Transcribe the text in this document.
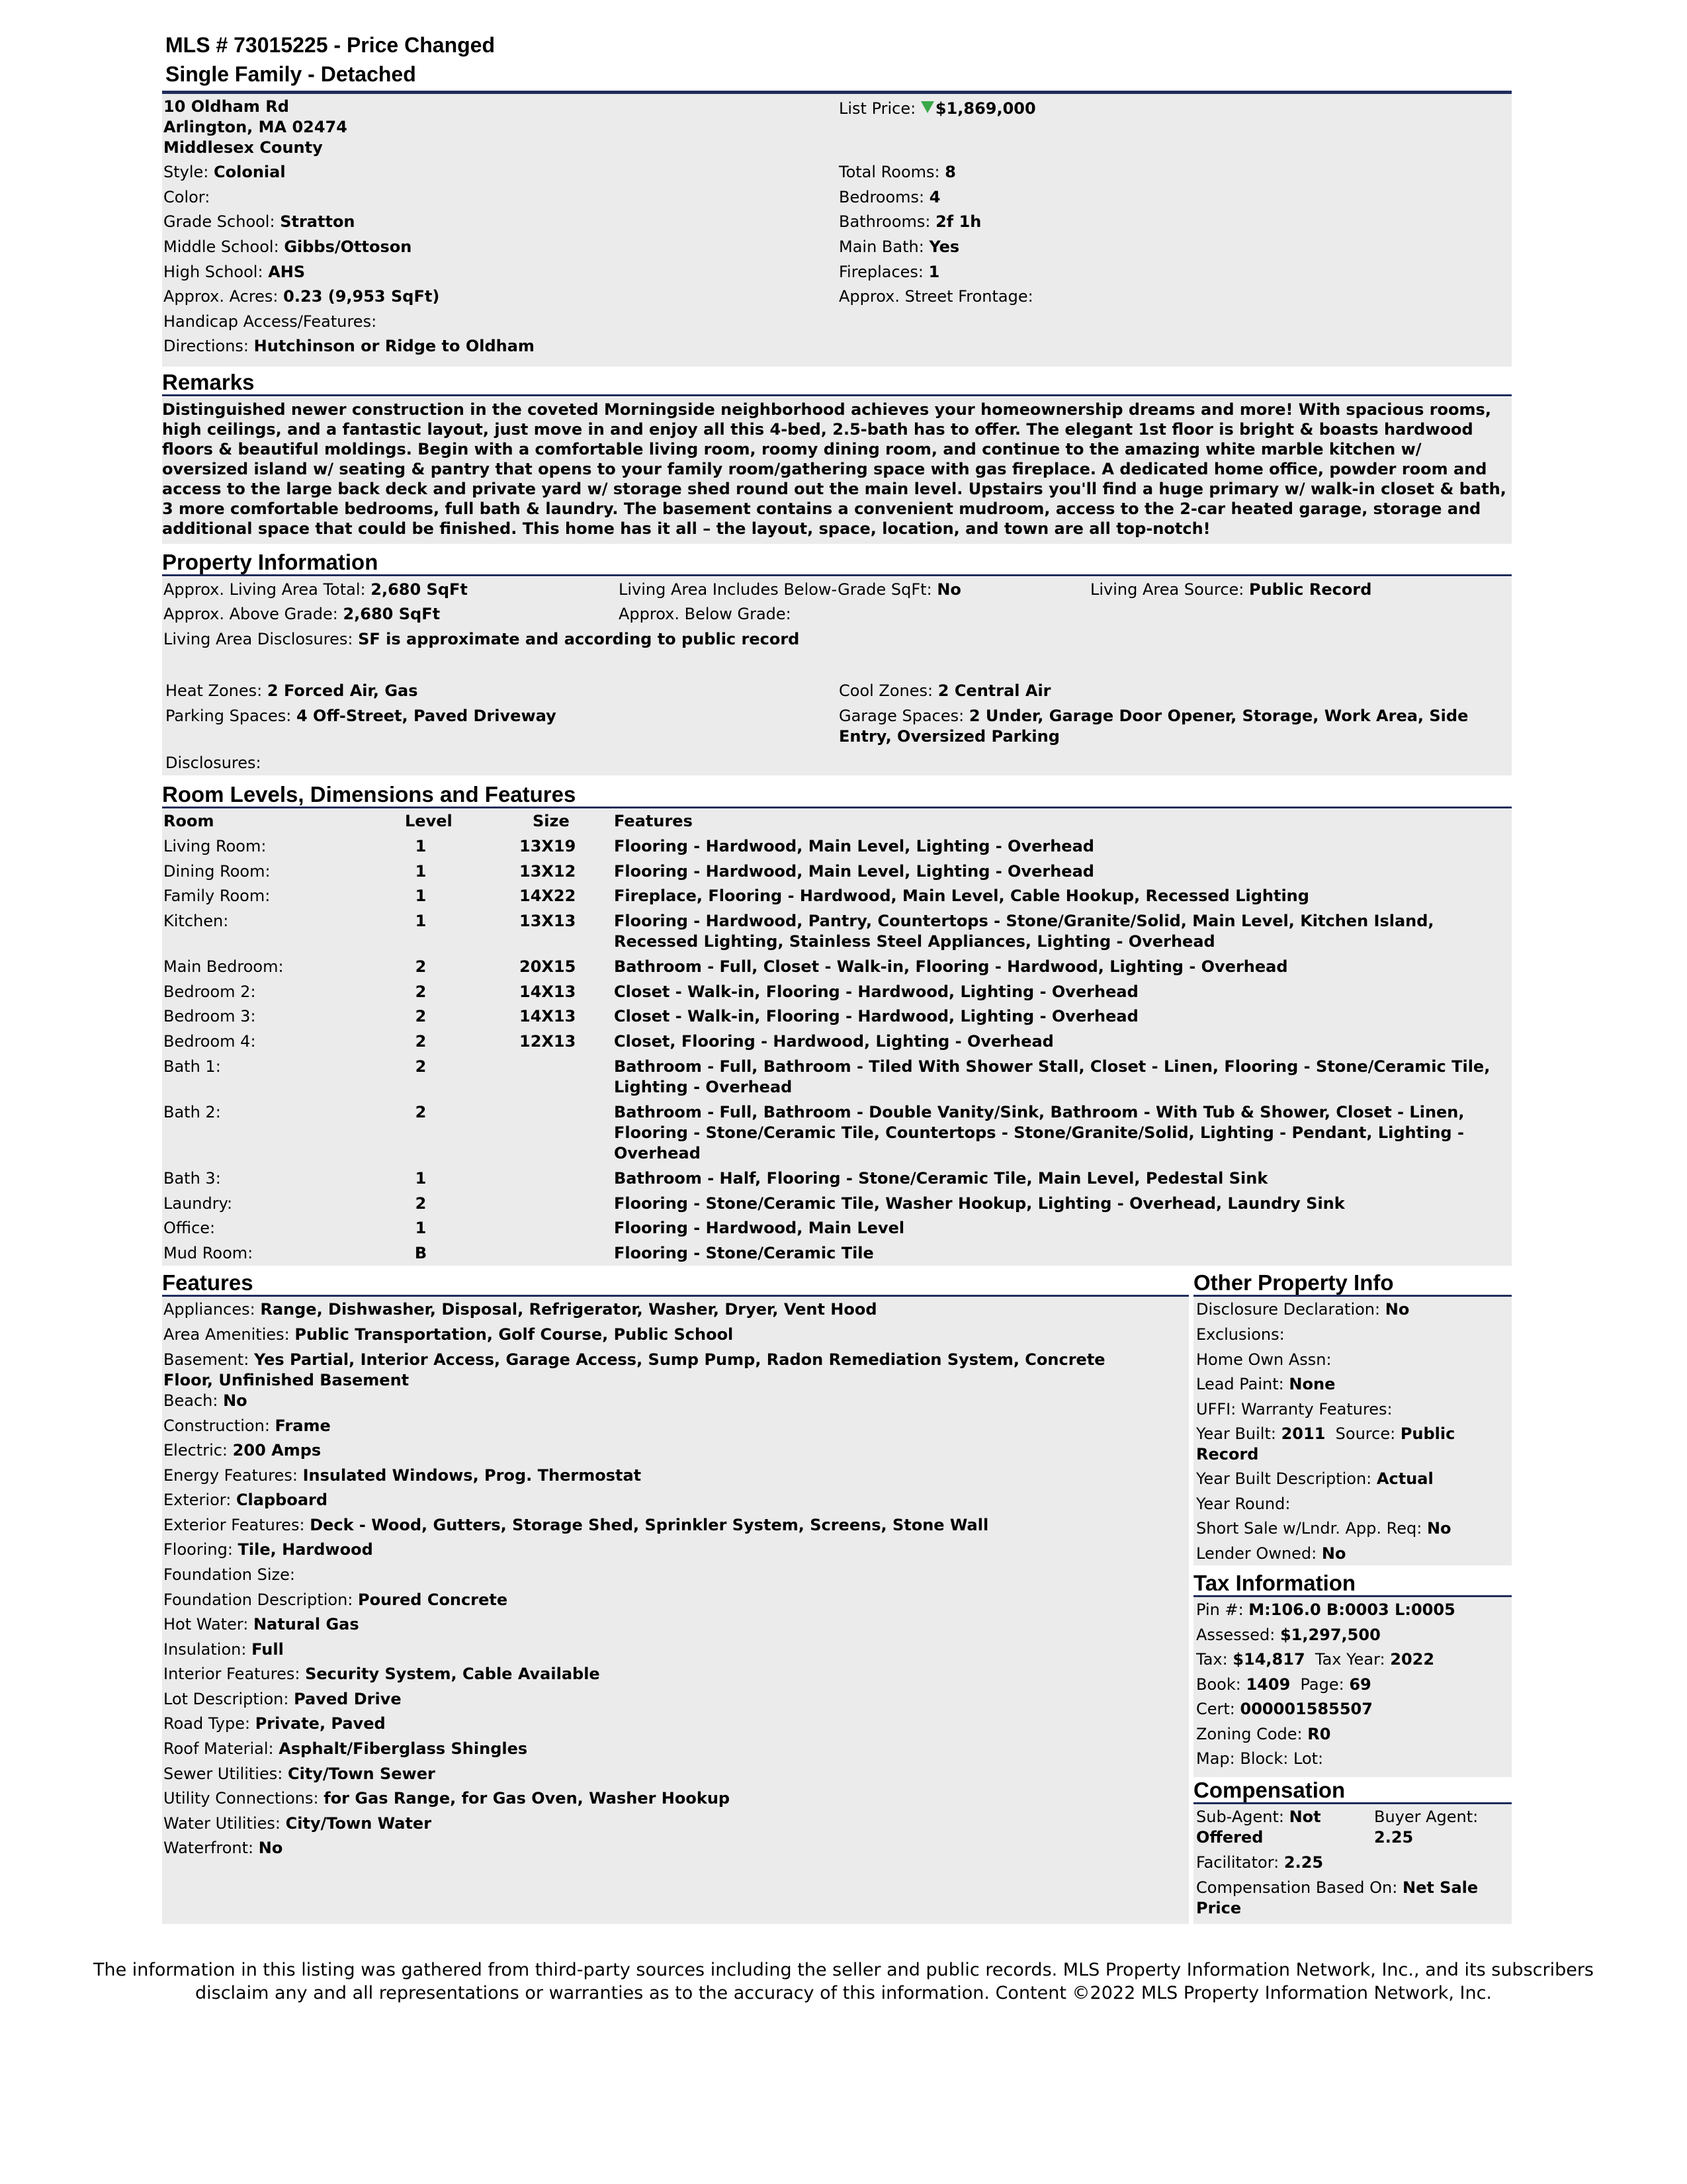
MLS # 73015225 - Price Changed
Single Family - Detached
10 Oldham Rd
Arlington, MA 02474
Middlesex County
List Price: $1,869,000
Style: Colonial
Color:
Grade School: Stratton
Middle School: Gibbs/Ottoson
High School: AHS
Approx. Acres: 0.23 (9,953 SqFt)
Handicap Access/Features:
Directions: Hutchinson or Ridge to Oldham
Total Rooms: 8
Bedrooms: 4
Bathrooms: 2f 1h
Main Bath: Yes
Fireplaces: 1
Approx. Street Frontage:
Remarks
Distinguished newer construction in the coveted Morningside neighborhood achieves your homeownership dreams and more! With spacious rooms, high ceilings, and a fantastic layout, just move in and enjoy all this 4-bed, 2.5-bath has to offer. The elegant 1st floor is bright & boasts hardwood floors & beautiful moldings. Begin with a comfortable living room, roomy dining room, and continue to the amazing white marble kitchen w/ oversized island w/ seating & pantry that opens to your family room/gathering space with gas fireplace. A dedicated home office, powder room and access to the large back deck and private yard w/ storage shed round out the main level. Upstairs you'll find a huge primary w/ walk-in closet & bath, 3 more comfortable bedrooms, full bath & laundry. The basement contains a convenient mudroom, access to the 2-car heated garage, storage and additional space that could be finished. This home has it all – the layout, space, location, and town are all top-notch!
Property Information
Approx. Living Area Total: 2,680 SqFt	Living Area Includes Below-Grade SqFt: No	Living Area Source: Public Record
Approx. Above Grade: 2,680 SqFt	Approx. Below Grade:
Living Area Disclosures: SF is approximate and according to public record
Heat Zones: 2 Forced Air, Gas	Cool Zones: 2 Central Air
Parking Spaces: 4 Off-Street, Paved Driveway	Garage Spaces: 2 Under, Garage Door Opener, Storage, Work Area, Side Entry, Oversized Parking
Disclosures:
Room Levels, Dimensions and Features
Room	Level	Size	Features
Living Room:	1	13X19 Flooring - Hardwood, Main Level, Lighting - Overhead
Dining Room:	1	13X12 Flooring - Hardwood, Main Level, Lighting - Overhead
Family Room:	1	14X22 Fireplace, Flooring - Hardwood, Main Level, Cable Hookup, Recessed Lighting
Kitchen:	1	13X13 Flooring - Hardwood, Pantry, Countertops - Stone/Granite/Solid, Main Level, Kitchen Island, Recessed Lighting, Stainless Steel Appliances, Lighting - Overhead
Main Bedroom:	2	20X15 Bathroom - Full, Closet - Walk-in, Flooring - Hardwood, Lighting - Overhead
Bedroom 2:	2	14X13 Closet - Walk-in, Flooring - Hardwood, Lighting - Overhead
Bedroom 3:	2	14X13 Closet - Walk-in, Flooring - Hardwood, Lighting - Overhead
Bedroom 4:	2	12X13 Closet, Flooring - Hardwood, Lighting - Overhead
Bath 1:	2	Bathroom - Full, Bathroom - Tiled With Shower Stall, Closet - Linen, Flooring - Stone/Ceramic Tile, Lighting - Overhead
Bath 2:	2	Bathroom - Full, Bathroom - Double Vanity/Sink, Bathroom - With Tub & Shower, Closet - Linen, Flooring - Stone/Ceramic Tile, Countertops - Stone/Granite/Solid, Lighting - Pendant, Lighting - Overhead
Bath 3:	1	Bathroom - Half, Flooring - Stone/Ceramic Tile, Main Level, Pedestal Sink
Laundry:	2	Flooring - Stone/Ceramic Tile, Washer Hookup, Lighting - Overhead, Laundry Sink
Office:	1	Flooring - Hardwood, Main Level
Mud Room:	B	Flooring - Stone/Ceramic Tile
Features
Appliances: Range, Dishwasher, Disposal, Refrigerator, Washer, Dryer, Vent Hood
Area Amenities: Public Transportation, Golf Course, Public School
Basement: Yes Partial, Interior Access, Garage Access, Sump Pump, Radon Remediation System, Concrete Floor, Unfinished Basement
Beach: No
Construction: Frame
Electric: 200 Amps
Energy Features: Insulated Windows, Prog. Thermostat
Exterior: Clapboard
Exterior Features: Deck - Wood, Gutters, Storage Shed, Sprinkler System, Screens, Stone Wall
Flooring: Tile, Hardwood
Foundation Size:
Foundation Description: Poured Concrete
Hot Water: Natural Gas
Insulation: Full
Interior Features: Security System, Cable Available
Lot Description: Paved Drive
Road Type: Private, Paved
Roof Material: Asphalt/Fiberglass Shingles
Sewer Utilities: City/Town Sewer
Utility Connections: for Gas Range, for Gas Oven, Washer Hookup
Water Utilities: City/Town Water
Waterfront: No
Other Property Info
Disclosure Declaration: No
Exclusions:
Home Own Assn:
Lead Paint: None
UFFI: Warranty Features:
Year Built: 2011 Source: Public
Record
Year Built Description: Actual
Year Round:
Short Sale w/Lndr. App. Req: No
Lender Owned: No
Tax Information
Pin #: M:106.0 B:0003 L:0005
Assessed: $1,297,500
Tax: $14,817 Tax Year: 2022
Book: 1409 Page: 69
Cert: 000001585507
Zoning Code: R0
Map: Block: Lot:
Compensation
Sub-Agent: Not
Offered
Buyer Agent:
2.25
Facilitator: 2.25
Compensation Based On: Net Sale
Price
The information in this listing was gathered from third-party sources including the seller and public records. MLS Property Information Network, Inc., and its subscribers
disclaim any and all representations or warranties as to the accuracy of this information. Content ©2022 MLS Property Information Network, Inc.
